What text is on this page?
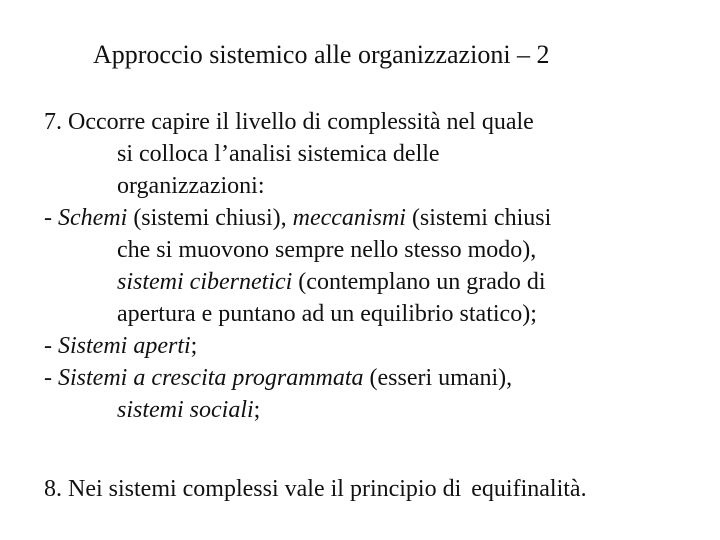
Approccio sistemico alle organizzazioni – 2
7. Occorre capire il livello di complessità nel quale
si colloca l’analisi sistemica delle
organizzazioni:
- Schemi (sistemi chiusi), meccanismi (sistemi chiusi
che si muovono sempre nello stesso modo),
sistemi cibernetici (contemplano un grado di
apertura e puntano ad un equilibrio statico);
- Sistemi aperti;
- Sistemi a crescita programmata (esseri umani),
sistemi sociali;
8. Nei sistemi complessi vale il principio di equifinalità.
